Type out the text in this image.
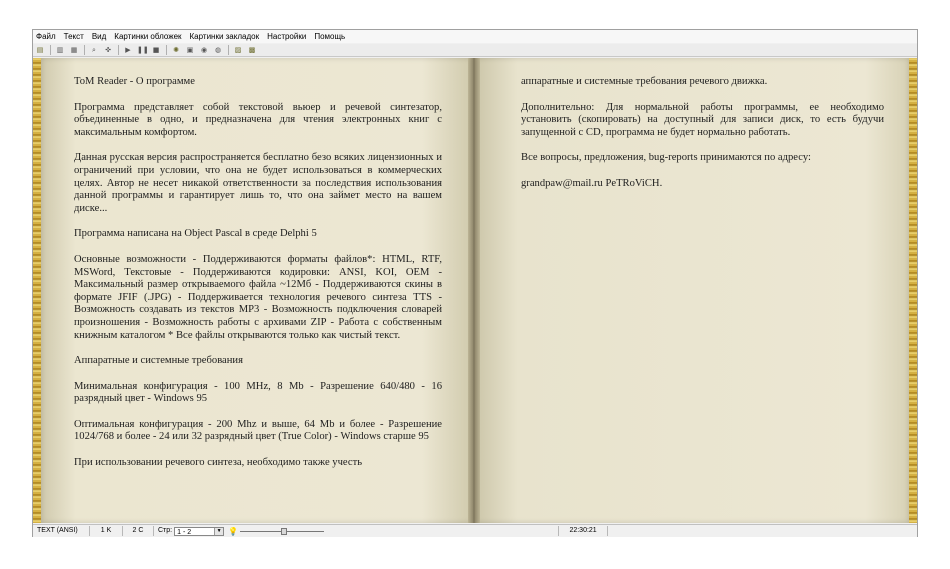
Файл Текст Вид Картинки обложек Картинки закладок Настройки Помощь
▤ ▥ ▦	⌕	✜	▶ ❚❚ ■ ✺ ▣ ◉ ◍ ▨ ▩

ToM Reader - О программе

Программа представляет собой текстовой вьюер и речевой синтезатор, объединенные в одно, и предназначена для чтения электронных книг с максимальным комфортом.

Данная русская версия распространяется бесплатно безо всяких лицензионных и ограничений при условии, что она не будет использоваться в коммерческих целях. Автор не несет никакой ответственности за последствия использования данной программы и гарантирует лишь то, что она займет место на вашем диске...

Программа написана на Object Pascal в среде Delphi 5

Основные возможности - Поддерживаются форматы файлов*: HTML, RTF, MSWord, Текстовые - Поддерживаются кодировки: ANSI, KOI, OEM - Максимальный размер открываемого файла ~12Мб - Поддерживаются скины в формате JFIF (.JPG) - Поддерживается технология речевого синтеза TTS - Возможность создавать из текстов MP3 - Возможность подключения словарей произношения - Возможность работы с архивами ZIP - Работа с собственным книжным каталогом * Все файлы открываются только как чистый текст.

Аппаратные и системные требования

Минимальная конфигурация - 100 MHz, 8 Mb - Разрешение 640/480 - 16 разрядный цвет - Windows 95

Оптимальная конфигурация - 200 Mhz и выше, 64 Mb и более - Разрешение 1024/768 и более - 24 или 32 разрядный цвет (True Color) - Windows старше 95

При использовании речевого синтеза, необходимо также учесть

аппаратные и системные требования речевого движка.

Дополнительно: Для нормальной работы программы, ее необходимо установить (скопировать) на доступный для записи диск, то есть будучи запущенной с CD, программа не будет нормально работать.

Все вопросы, предложения, bug-reports принимаются по адресу:

grandpaw@mail.ru PeTRoViCH.

TEXT (ANSI)	1 K	2 C	Стр: 1 - 2	▼ 💡	22:30:21
